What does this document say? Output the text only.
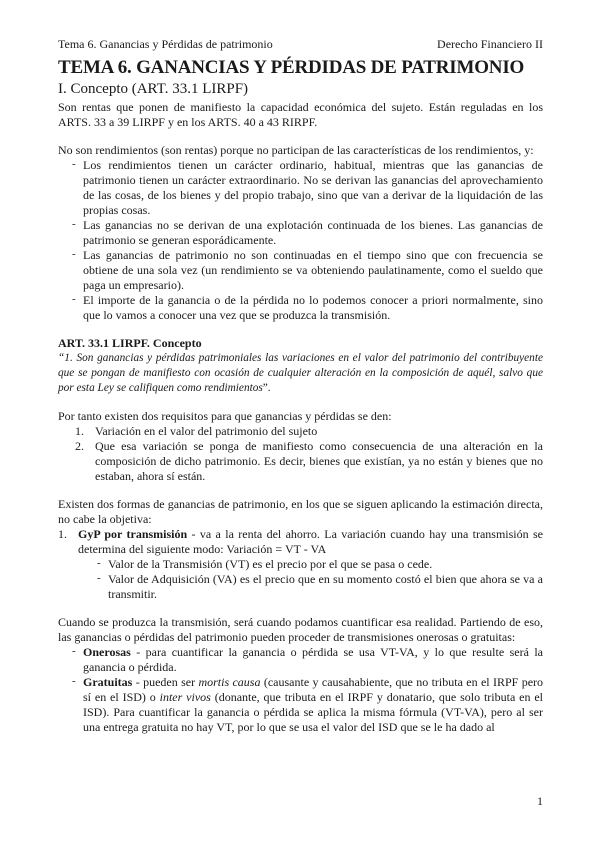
Tema 6. Ganancias y Pérdidas de patrimonio	Derecho Financiero II
TEMA 6. GANANCIAS Y PÉRDIDAS DE PATRIMONIO
I. Concepto (ART. 33.1 LIRPF)

Son rentas que ponen de manifiesto la capacidad económica del sujeto. Están reguladas en los ARTS. 33 a 39 LIRPF y en los ARTS. 40 a 43 RIRPF.

No son rendimientos (son rentas) porque no participan de las características de los rendimientos, y:

- Los rendimientos tienen un carácter ordinario, habitual, mientras que las ganancias de patrimonio tienen un carácter extraordinario. No se derivan las ganancias del aprovechamiento de las cosas, de los bienes y del propio trabajo, sino que van a derivar de la liquidación de las propias cosas.
- Las ganancias no se derivan de una explotación continuada de los bienes. Las ganancias de patrimonio se generan esporádicamente.
- Las ganancias de patrimonio no son continuadas en el tiempo sino que con frecuencia se obtiene de una sola vez (un rendimiento se va obteniendo paulatinamente, como el sueldo que paga un empresario).
- El importe de la ganancia o de la pérdida no lo podemos conocer a priori normalmente, sino que lo vamos a conocer una vez que se produzca la transmisión.

ART. 33.1 LIRPF. Concepto

“1. Son ganancias y pérdidas patrimoniales las variaciones en el valor del patrimonio del contribuyente que se pongan de manifiesto con ocasión de cualquier alteración en la composición de aquél, salvo que por esta Ley se califiquen como rendimientos”.

Por tanto existen dos requisitos para que ganancias y pérdidas se den:

1. Variación en el valor del patrimonio del sujeto
2. Que esa variación se ponga de manifiesto como consecuencia de una alteración en la composición de dicho patrimonio. Es decir, bienes que existían, ya no están y bienes que no estaban, ahora sí están.

Existen dos formas de ganancias de patrimonio, en los que se siguen aplicando la estimación directa, no cabe la objetiva:

1. GyP por transmisión - va a la renta del ahorro. La variación cuando hay una transmisión se determina del siguiente modo: Variación = VT - VA
- Valor de la Transmisión (VT) es el precio por el que se pasa o cede.
- Valor de Adquisición (VA) es el precio que en su momento costó el bien que ahora se va a transmitir.

Cuando se produzca la transmisión, será cuando podamos cuantificar esa realidad. Partiendo de eso, las ganancias o pérdidas del patrimonio pueden proceder de transmisiones onerosas o gratuitas:

- Onerosas - para cuantificar la ganancia o pérdida se usa VT-VA, y lo que resulte será la ganancia o pérdida.
- Gratuitas - pueden ser mortis causa (causante y causahabiente, que no tributa en el IRPF pero sí en el ISD) o inter vivos (donante, que tributa en el IRPF y donatario, que solo tributa en el ISD). Para cuantificar la ganancia o pérdida se aplica la misma fórmula (VT-VA), pero al ser una entrega gratuita no hay VT, por lo que se usa el valor del ISD que se le ha dado al
1
